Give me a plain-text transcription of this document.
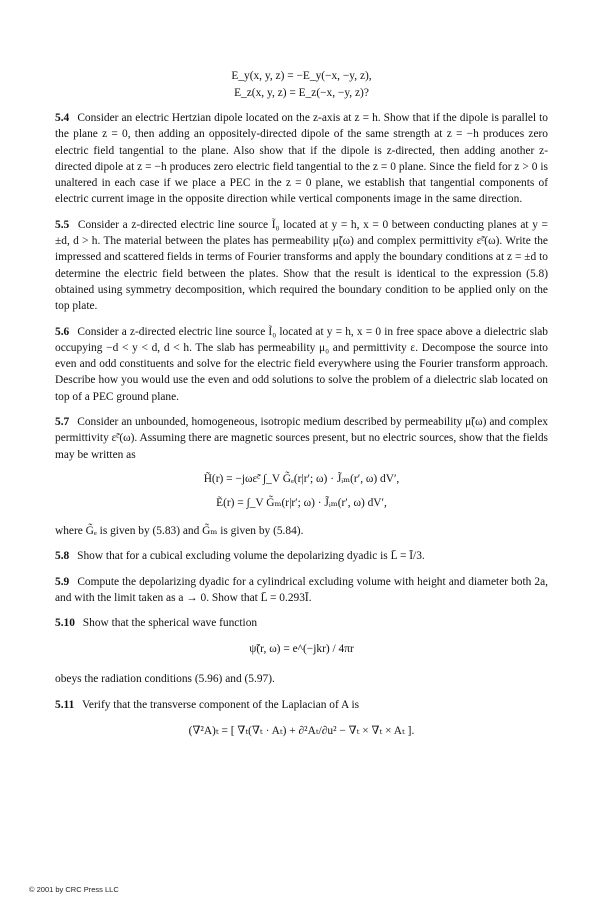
E_y(x, y, z) = −E_y(−x, −y, z),
E_z(x, y, z) = E_z(−x, −y, z)?

5.4 Consider an electric Hertzian dipole located on the z-axis at z = h. Show that if the dipole is parallel to the plane z = 0, then adding an oppositely-directed dipole of the same strength at z = −h produces zero electric field tangential to the plane. Also show that if the dipole is z-directed, then adding another z-directed dipole at z = −h produces zero electric field tangential to the z = 0 plane. Since the field for z > 0 is unaltered in each case if we place a PEC in the z = 0 plane, we establish that tangential components of electric current image in the opposite direction while vertical components image in the same direction.

5.5 Consider a z-directed electric line source Ĩ₀ located at y = h, x = 0 between conducting planes at y = ±d, d > h. The material between the plates has permeability μ̃(ω) and complex permittivity ε̃ᶜ(ω). Write the impressed and scattered fields in terms of Fourier transforms and apply the boundary conditions at z = ±d to determine the electric field between the plates. Show that the result is identical to the expression (5.8) obtained using symmetry decomposition, which required the boundary condition to be applied only on the top plate.

5.6 Consider a z-directed electric line source Ĩ₀ located at y = h, x = 0 in free space above a dielectric slab occupying −d < y < d, d < h. The slab has permeability μ₀ and permittivity ε. Decompose the source into even and odd constituents and solve for the electric field everywhere using the Fourier transform approach. Describe how you would use the even and odd solutions to solve the problem of a dielectric slab located on top of a PEC ground plane.

5.7 Consider an unbounded, homogeneous, isotropic medium described by permeability μ̃(ω) and complex permittivity ε̃ᶜ(ω). Assuming there are magnetic sources present, but no electric sources, show that the fields may be written as
H̃(r) = −jωε̃ᶜ ∫_V G̃ₑ(r|r′; ω) · J̃ᵢₘ(r′, ω) dV′,
Ẽ(r) = ∫_V G̃ₘ(r|r′; ω) · J̃ᵢₘ(r′, ω) dV′,
where G̃ₑ is given by (5.83) and G̃ₘ is given by (5.84).

5.8 Show that for a cubical excluding volume the depolarizing dyadic is L̄ = Ī/3.

5.9 Compute the depolarizing dyadic for a cylindrical excluding volume with height and diameter both 2a, and with the limit taken as a → 0. Show that L̄ = 0.293Ī.

5.10 Show that the spherical wave function
ψ̃(r, ω) = e^(−jkr) / 4πr
obeys the radiation conditions (5.96) and (5.97).
5.11 Verify that the transverse component of the Laplacian of A is
(∇²A)ₜ = [ ∇ₜ(∇ₜ · Aₜ) + ∂²Aₜ/∂u² − ∇ₜ × ∇ₜ × Aₜ ].
© 2001 by CRC Press LLC
